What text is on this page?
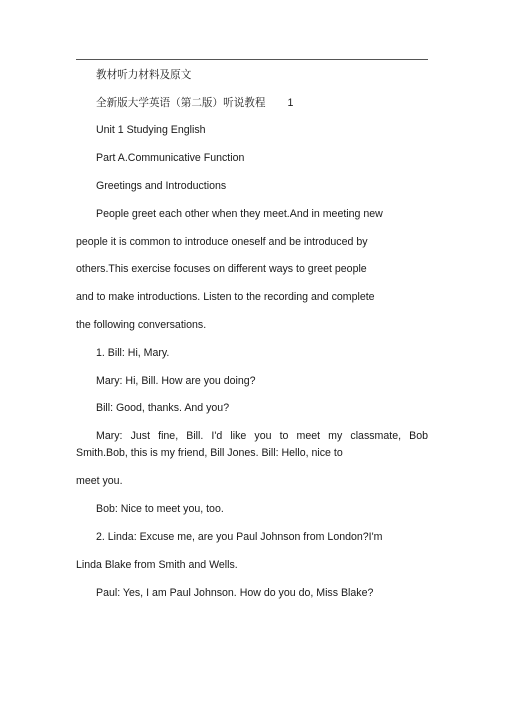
教材听力材料及原文
全新版大学英语（第二版）听说教程 1
Unit 1 Studying English
Part A.Communicative Function
Greetings and Introductions
People greet each other when they meet.And in meeting new
people it is common to introduce oneself and be introduced by
others.This exercise focuses on different ways to greet people
and to make introductions. Listen to the recording and complete
the following conversations.
1. Bill: Hi, Mary.
Mary: Hi, Bill. How are you doing?
Bill: Good, thanks. And you?
Mary: Just fine, Bill. I'd like you to meet my classmate, Bob
Smith.Bob, this is my friend, Bill Jones. Bill: Hello, nice to
meet you.
Bob: Nice to meet you, too.
2. Linda: Excuse me, are you Paul Johnson from London?I'm
Linda Blake from Smith and Wells.
Paul: Yes, I am Paul Johnson. How do you do, Miss Blake?
